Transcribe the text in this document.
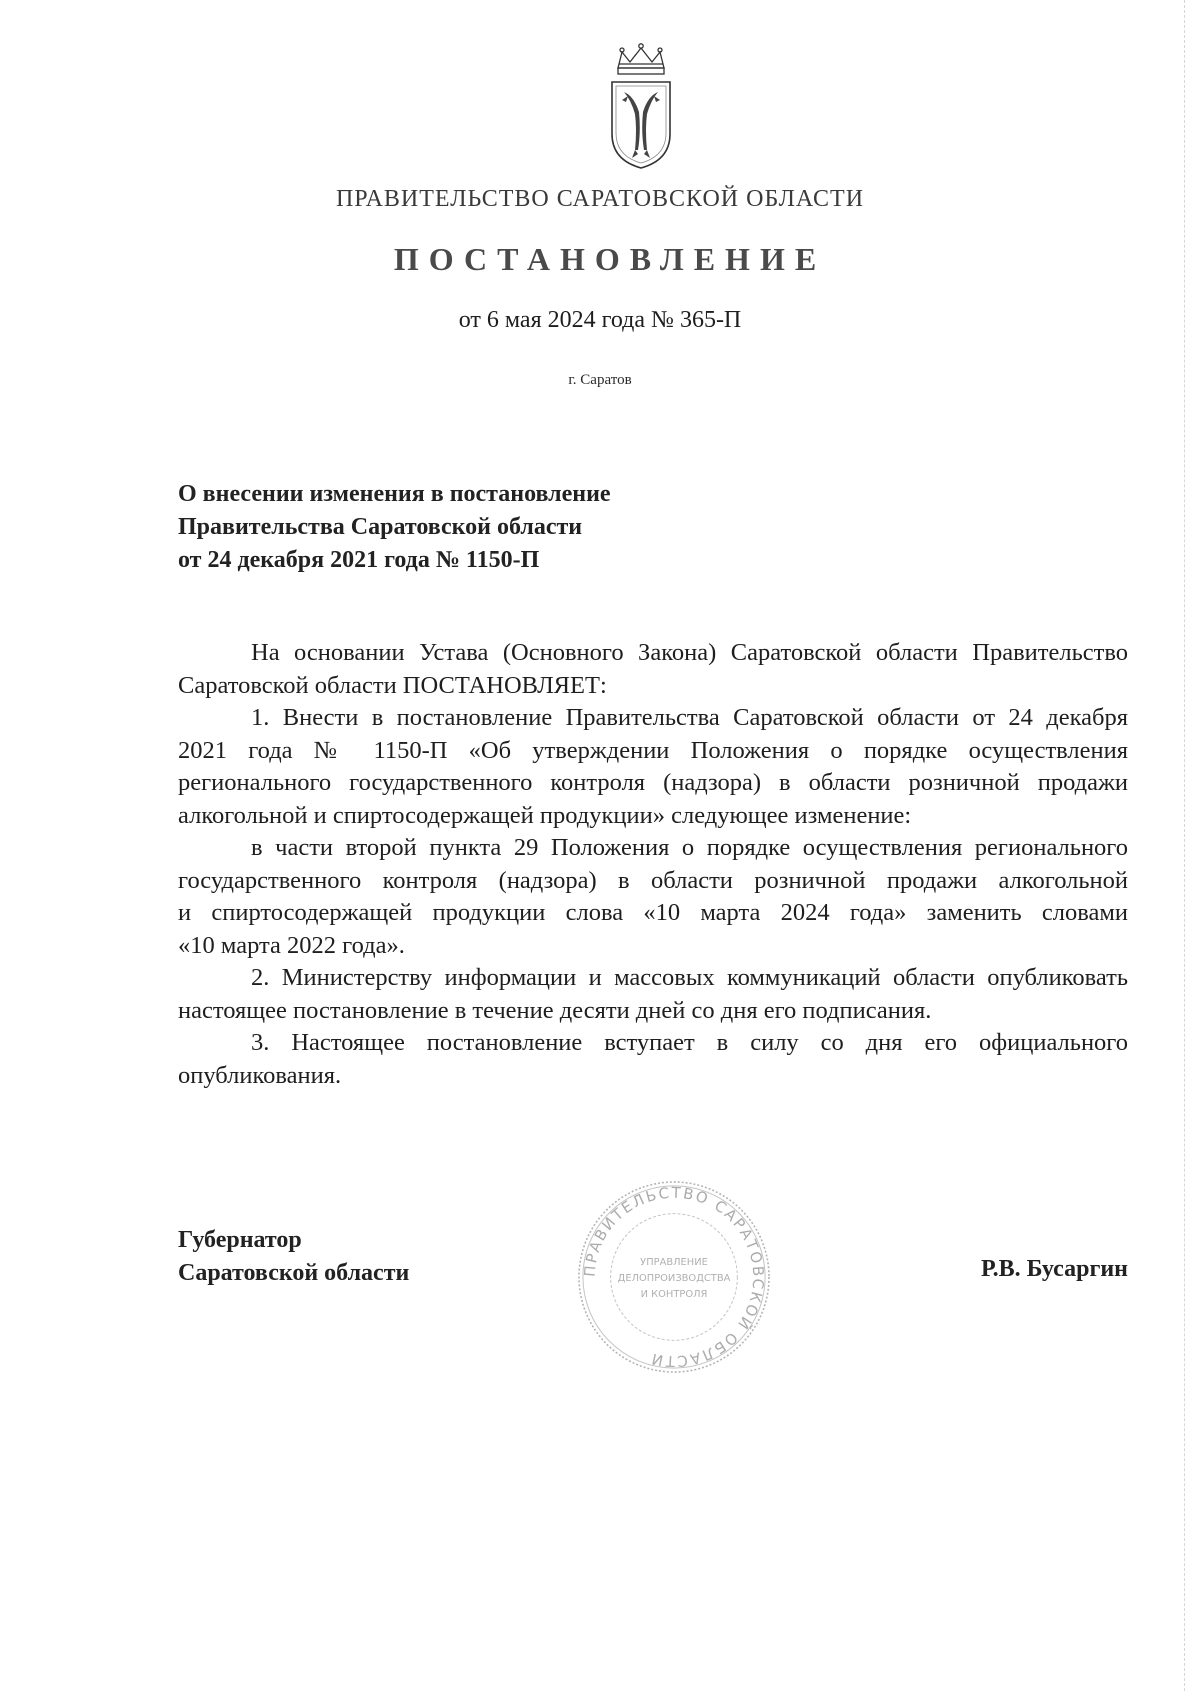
ПРАВИТЕЛЬСТВО САРАТОВСКОЙ ОБЛАСТИ
ПОСТАНОВЛЕНИЕ
от 6 мая 2024 года № 365-П
г. Саратов
О внесении изменения в постановление
Правительства Саратовской области
от 24 декабря 2021 года № 1150-П
На основании Устава (Основного Закона) Саратовской области Правительство
Саратовской области ПОСТАНОВЛЯЕТ:
1. Внести в постановление Правительства Саратовской области от 24 декабря
2021 года № 1150-П «Об утверждении Положения о порядке осуществления
регионального государственного контроля (надзора) в области розничной продажи
алкогольной и спиртосодержащей продукции» следующее изменение:
в части второй пункта 29 Положения о порядке осуществления регионального
государственного контроля (надзора) в области розничной продажи алкогольной
и спиртосодержащей продукции слова «10 марта 2024 года» заменить словами
«10 марта 2022 года».
2. Министерству информации и массовых коммуникаций области опубликовать
настоящее постановление в течение десяти дней со дня его подписания.
3. Настоящее постановление вступает в силу со дня его официального
опубликования.
Губернатор
Саратовской области	Р.В. Бусаргин
ПРАВИТЕЛЬСТВО САРАТОВСКОЙ ОБЛАСТИ
УПРАВЛЕНИЕ
ДЕЛОПРОИЗВОДСТВА
И КОНТРОЛЯ
